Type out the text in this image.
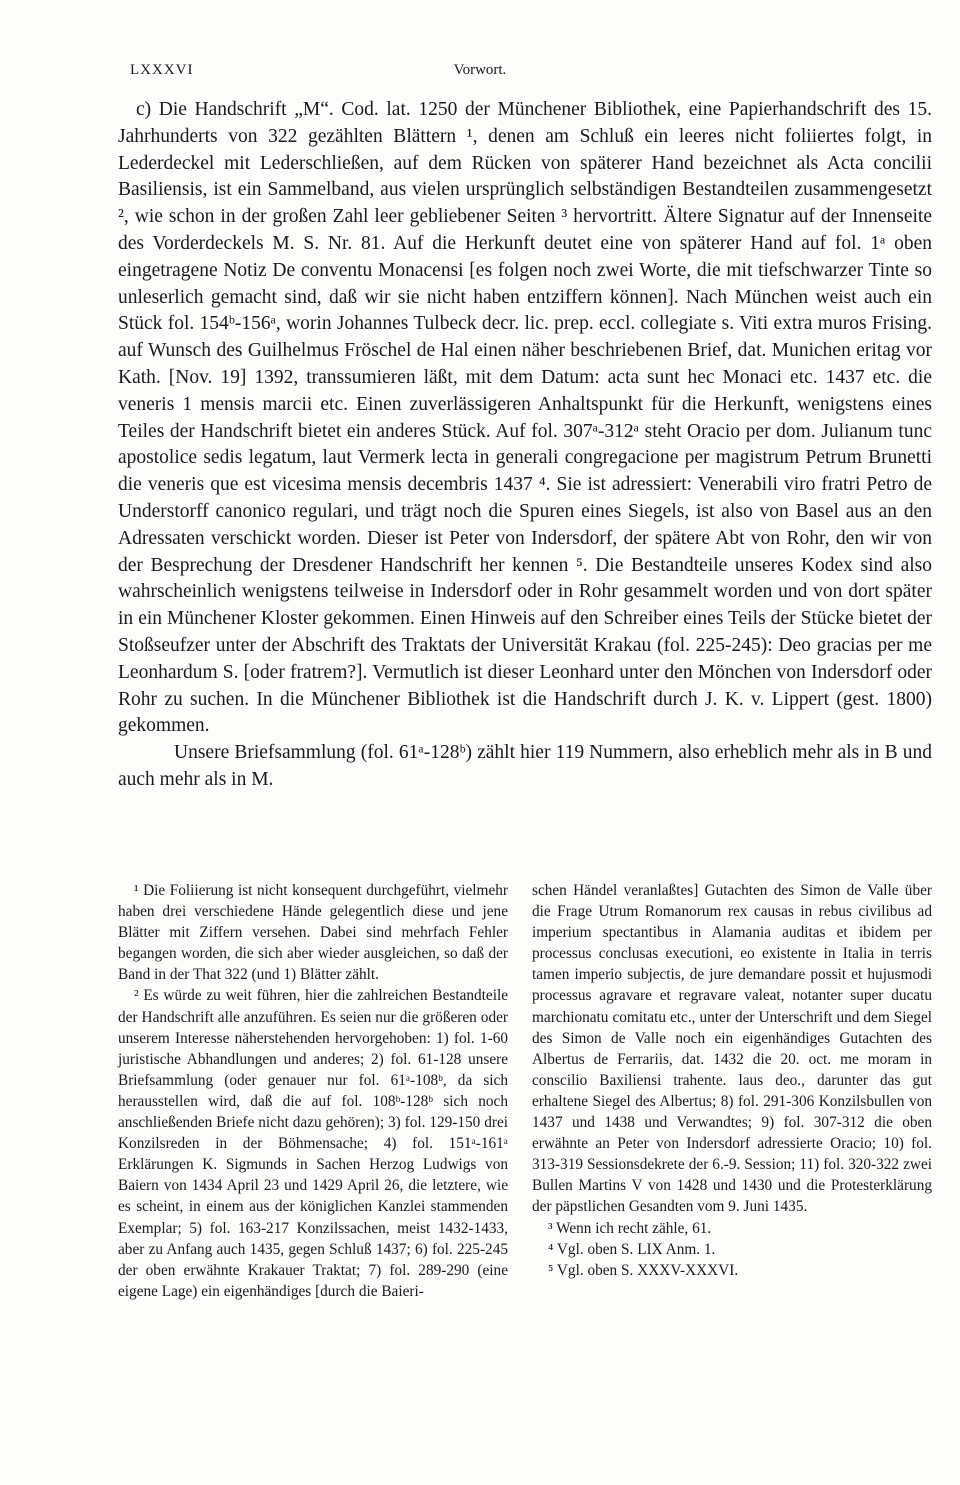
LXXXVI	Vorwort.

c) Die Handschrift „M“. Cod. lat. 1250 der Münchener Bibliothek, eine Papierhandschrift des 15. Jahrhunderts von 322 gezählten Blättern ¹, denen am Schluß ein leeres nicht foliiertes folgt, in Lederdeckel mit Lederschließen, auf dem Rücken von späterer Hand bezeichnet als Acta concilii Basiliensis, ist ein Sammelband, aus vielen ursprünglich selbständigen Bestandteilen zusammengesetzt ², wie schon in der großen Zahl leer gebliebener Seiten ³ hervortritt. Ältere Signatur auf der Innenseite des Vorderdeckels M. S. Nr. 81. Auf die Herkunft deutet eine von späterer Hand auf fol. 1ᵃ oben eingetragene Notiz De conventu Monacensi [es folgen noch zwei Worte, die mit tiefschwarzer Tinte so unleserlich gemacht sind, daß wir sie nicht haben entziffern können]. Nach München weist auch ein Stück fol. 154ᵇ-156ᵃ, worin Johannes Tulbeck decr. lic. prep. eccl. collegiate s. Viti extra muros Frising. auf Wunsch des Guilhelmus Fröschel de Hal einen näher beschriebenen Brief, dat. Munichen eritag vor Kath. [Nov. 19] 1392, transsumieren läßt, mit dem Datum: acta sunt hec Monaci etc. 1437 etc. die veneris 1 mensis marcii etc. Einen zuverlässigeren Anhaltspunkt für die Herkunft, wenigstens eines Teiles der Handschrift bietet ein anderes Stück. Auf fol. 307ᵃ-312ᵃ steht Oracio per dom. Julianum tunc apostolice sedis legatum, laut Vermerk lecta in generali congregacione per magistrum Petrum Brunetti die veneris que est vicesima mensis decembris 1437 ⁴. Sie ist adressiert: Venerabili viro fratri Petro de Understorff canonico regulari, und trägt noch die Spuren eines Siegels, ist also von Basel aus an den Adressaten verschickt worden. Dieser ist Peter von Indersdorf, der spätere Abt von Rohr, den wir von der Besprechung der Dresdener Handschrift her kennen ⁵. Die Bestandteile unseres Kodex sind also wahrscheinlich wenigstens teilweise in Indersdorf oder in Rohr gesammelt worden und von dort später in ein Münchener Kloster gekommen. Einen Hinweis auf den Schreiber eines Teils der Stücke bietet der Stoßseufzer unter der Abschrift des Traktats der Universität Krakau (fol. 225-245): Deo gracias per me Leonhardum S. [oder fratrem?]. Vermutlich ist dieser Leonhard unter den Mönchen von Indersdorf oder Rohr zu suchen. In die Münchener Bibliothek ist die Handschrift durch J. K. v. Lippert (gest. 1800) gekommen.

Unsere Briefsammlung (fol. 61ᵃ-128ᵇ) zählt hier 119 Nummern, also erheblich mehr als in B und auch mehr als in M.

¹ Die Foliierung ist nicht konsequent durchgeführt, vielmehr haben drei verschiedene Hände gelegentlich diese und jene Blätter mit Ziffern versehen. Dabei sind mehrfach Fehler begangen worden, die sich aber wieder ausgleichen, so daß der Band in der That 322 (und 1) Blätter zählt.

² Es würde zu weit führen, hier die zahlreichen Bestandteile der Handschrift alle anzuführen. Es seien nur die größeren oder unserem Interesse näherstehenden hervorgehoben: 1) fol. 1-60 juristische Abhandlungen und anderes; 2) fol. 61-128 unsere Briefsammlung (oder genauer nur fol. 61ᵃ-108ᵇ, da sich herausstellen wird, daß die auf fol. 108ᵇ-128ᵇ sich noch anschließenden Briefe nicht dazu gehören); 3) fol. 129-150 drei Konzilsreden in der Böhmensache; 4) fol. 151ᵃ-161ᵃ Erklärungen K. Sigmunds in Sachen Herzog Ludwigs von Baiern von 1434 April 23 und 1429 April 26, die letztere, wie es scheint, in einem aus der königlichen Kanzlei stammenden Exemplar; 5) fol. 163-217 Konzilssachen, meist 1432-1433, aber zu Anfang auch 1435, gegen Schluß 1437; 6) fol. 225-245 der oben erwähnte Krakauer Traktat; 7) fol. 289-290 (eine eigene Lage) ein eigenhändiges [durch die Baieri-

schen Händel veranlaßtes] Gutachten des Simon de Valle über die Frage Utrum Romanorum rex causas in rebus civilibus ad imperium spectantibus in Alamania auditas et ibidem per processus conclusas executioni, eo existente in Italia in terris tamen imperio subjectis, de jure demandare possit et hujusmodi processus agravare et regravare valeat, notanter super ducatu marchionatu comitatu etc., unter der Unterschrift und dem Siegel des Simon de Valle noch ein eigenhändiges Gutachten des Albertus de Ferrariis, dat. 1432 die 20. oct. me moram in conscilio Baxiliensi trahente. laus deo., darunter das gut erhaltene Siegel des Albertus; 8) fol. 291-306 Konzilsbullen von 1437 und 1438 und Verwandtes; 9) fol. 307-312 die oben erwähnte an Peter von Indersdorf adressierte Oracio; 10) fol. 313-319 Sessionsdekrete der 6.-9. Session; 11) fol. 320-322 zwei Bullen Martins V von 1428 und 1430 und die Protesterklärung der päpstlichen Gesandten vom 9. Juni 1435.

³ Wenn ich recht zähle, 61.

⁴ Vgl. oben S. LIX Anm. 1.

⁵ Vgl. oben S. XXXV-XXXVI.
